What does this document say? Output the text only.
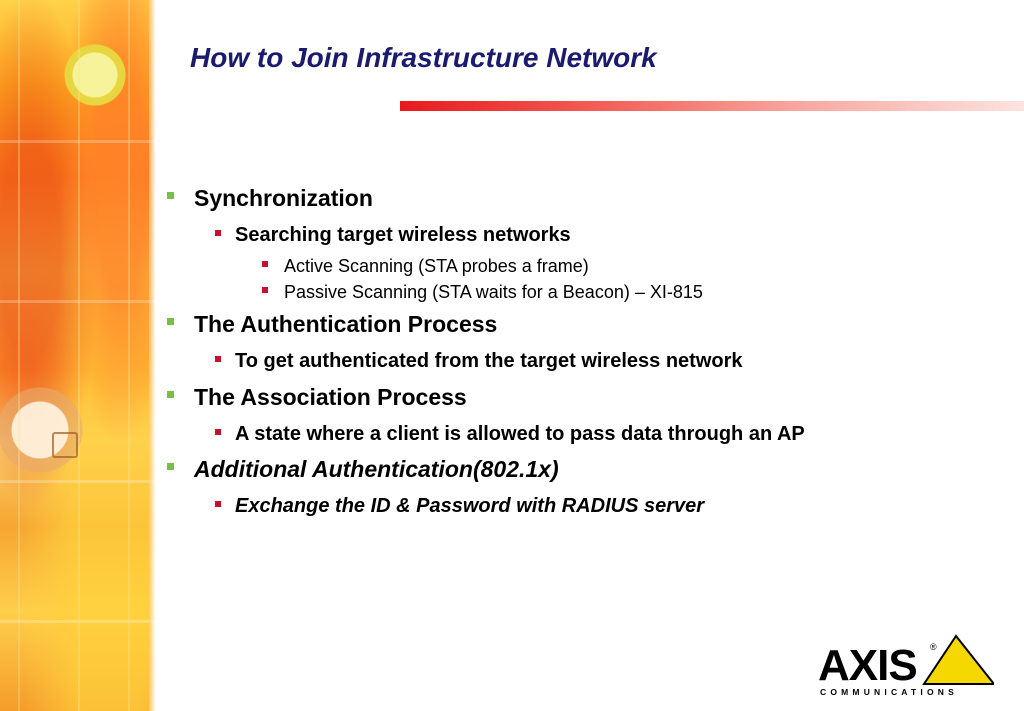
How to Join Infrastructure Network
Synchronization
Searching target wireless networks
Active Scanning (STA probes a frame)
Passive Scanning (STA waits for a Beacon) – XI-815
The Authentication Process
To get authenticated from the target wireless network
The Association Process
A state where a client is allowed to pass data through an AP
Additional Authentication(802.1x)
Exchange the ID & Password with RADIUS server
AXIS ®
COMMUNICATIONS
